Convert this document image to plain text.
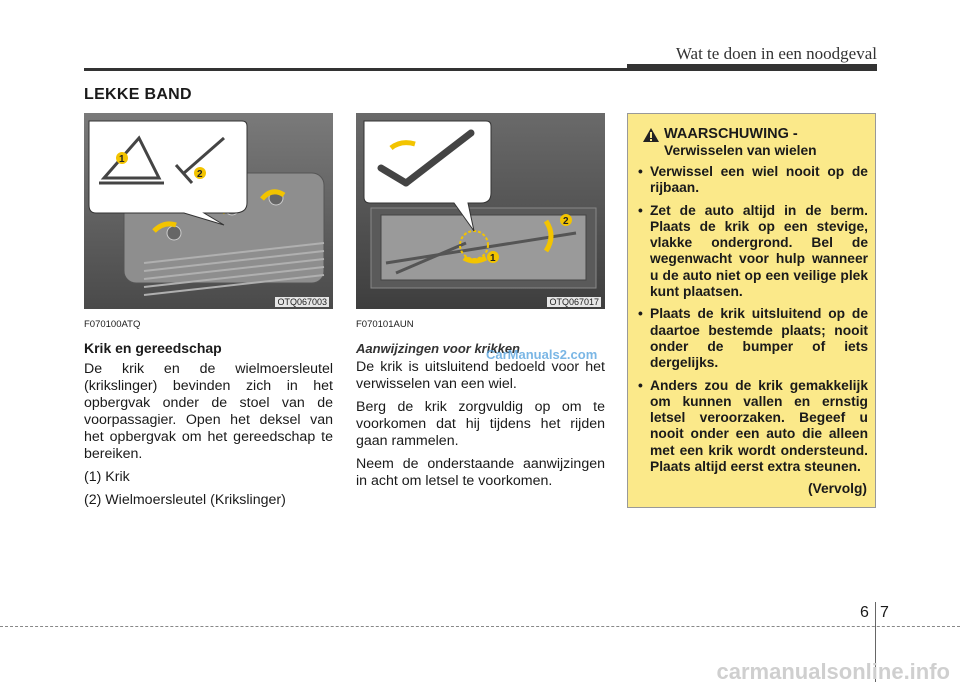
Wat te doen in een noodgeval
LEKKE BAND
1
2
OTQ067003
1
2
OTQ067017
F070100ATQ
Krik en gereedschap

De krik en de wielmoersleutel (krikslinger) bevinden zich in het opbergvak onder de stoel van de voorpassagier. Open het deksel van het opbergvak om het gereedschap te bereiken.

(1) Krik

(2) Wielmoersleutel (Krikslinger)

F070101AUN
Aanwijzingen voor krikken

De krik is uitsluitend bedoeld voor het verwisselen van een wiel.

Berg de krik zorgvuldig op om te voorkomen dat hij tijdens het rijden gaan rammelen.

Neem de onderstaande aanwijzingen in acht om letsel te voorkomen.

CarManuals2.com
WAARSCHUWING -
Verwisselen van wielen
• Verwissel een wiel nooit op de rijbaan.
• Zet de auto altijd in de berm. Plaats de krik op een stevige, vlakke ondergrond. Bel de wegenwacht voor hulp wanneer u de auto niet op een veilige plek kunt plaatsen.
• Plaats de krik uitsluitend op de daartoe bestemde plaats; nooit onder de bumper of iets dergelijks.
• Anders zou de krik gemakkelijk om kunnen vallen en ernstig letsel veroorzaken. Begeef u nooit onder een auto die alleen met een krik wordt ondersteund. Plaats altijd eerst extra steunen.
(Vervolg)
6 7
carmanualsonline.info
